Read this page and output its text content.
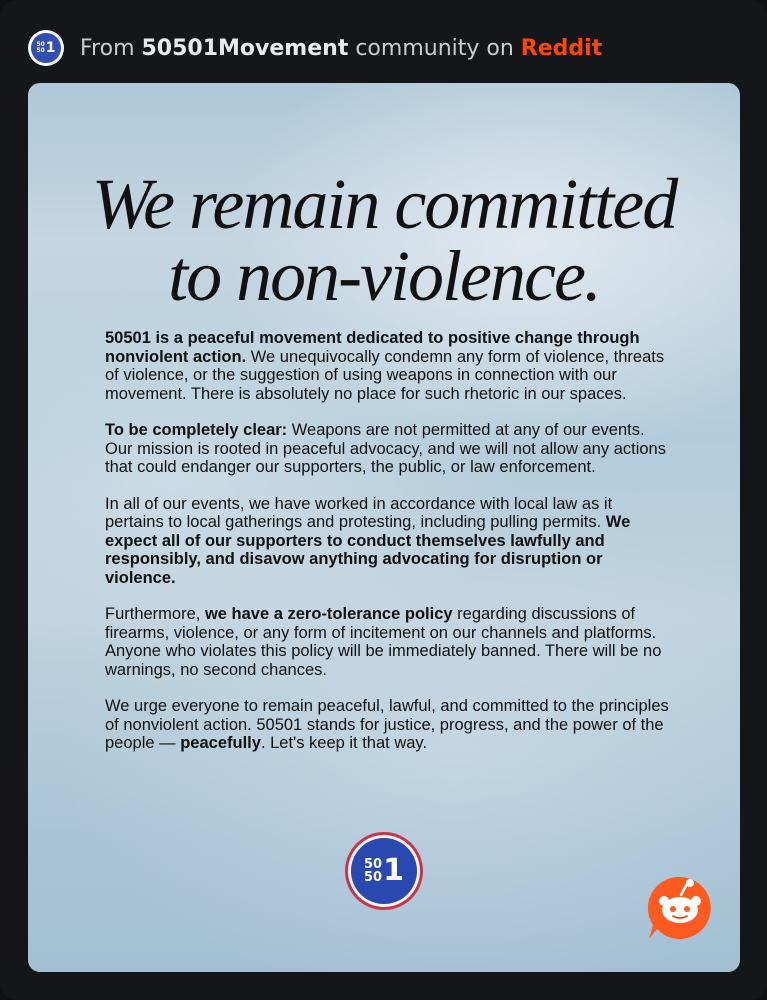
50
50 1 From 50501Movement community on Reddit
We remain committed
to non-violence.

50501 is a peaceful movement dedicated to positive change through nonviolent action. We unequivocally condemn any form of violence, threats of violence, or the suggestion of using weapons in connection with our movement. There is absolutely no place for such rhetoric in our spaces.

To be completely clear: Weapons are not permitted at any of our events. Our mission is rooted in peaceful advocacy, and we will not allow any actions that could endanger our supporters, the public, or law enforcement.

In all of our events, we have worked in accordance with local law as it pertains to local gatherings and protesting, including pulling permits. We expect all of our supporters to conduct themselves lawfully and responsibly, and disavow anything advocating for disruption or violence.

Furthermore, we have a zero-tolerance policy regarding discussions of firearms, violence, or any form of incitement on our channels and platforms. Anyone who violates this policy will be immediately banned. There will be no warnings, no second chances.

We urge everyone to remain peaceful, lawful, and committed to the principles of nonviolent action. 50501 stands for justice, progress, and the power of the people — peacefully. Let's keep it that way.

50
50 1
